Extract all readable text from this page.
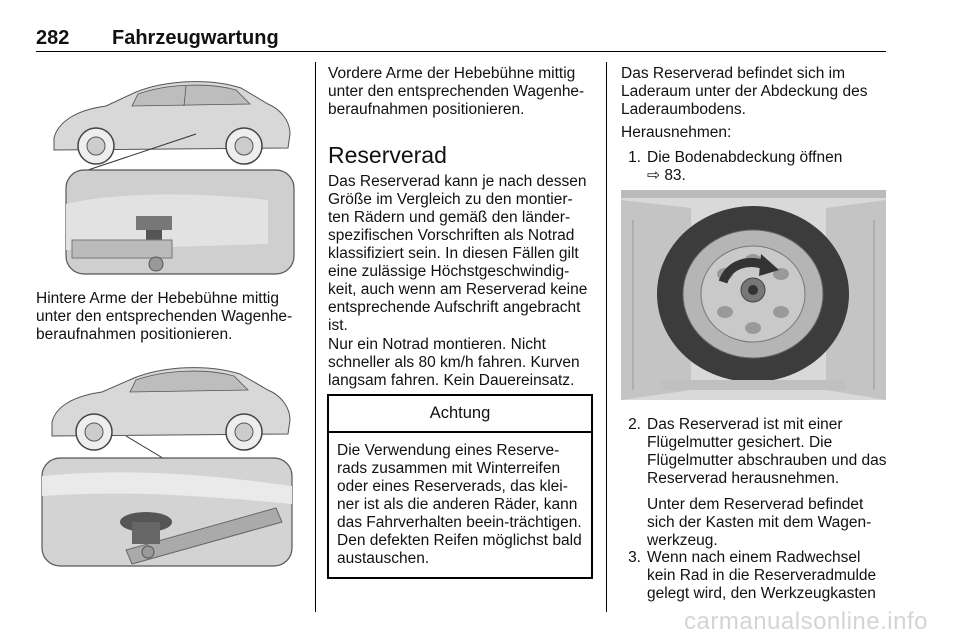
282 Fahrzeugwartung
Hintere Arme der Hebebühne mittig unter den entsprechenden Wagenhe-beraufnahmen positionieren.
Vordere Arme der Hebebühne mittig unter den entsprechenden Wagenhe-beraufnahmen positionieren.
Reserverad
Das Reserverad kann je nach dessen Größe im Vergleich zu den montier-ten Rädern und gemäß den länder-spezifischen Vorschriften als Notrad klassifiziert sein. In diesen Fällen gilt eine zulässige Höchstgeschwindig-keit, auch wenn am Reserverad keine entsprechende Aufschrift angebracht ist.
Nur ein Notrad montieren. Nicht schneller als 80 km/h fahren. Kurven langsam fahren. Kein Dauereinsatz.
Achtung
Die Verwendung eines Reserve-rads zusammen mit Winterreifen oder eines Reserverads, das klei-ner ist als die anderen Räder, kann das Fahrverhalten beein-trächtigen. Den defekten Reifen möglichst bald austauschen.
Das Reserverad befindet sich im Laderaum unter der Abdeckung des Laderaumbodens.
Herausnehmen:
1. Die Bodenabdeckung öffnen
⇨ 83.
2. Das Reserverad ist mit einer Flügelmutter gesichert. Die Flügelmutter abschrauben und das Reserverad herausnehmen.
Unter dem Reserverad befindet sich der Kasten mit dem Wagen-werkzeug.
3. Wenn nach einem Radwechsel kein Rad in die Reserveradmulde gelegt wird, den Werkzeugkasten
carmanualsonline.info
